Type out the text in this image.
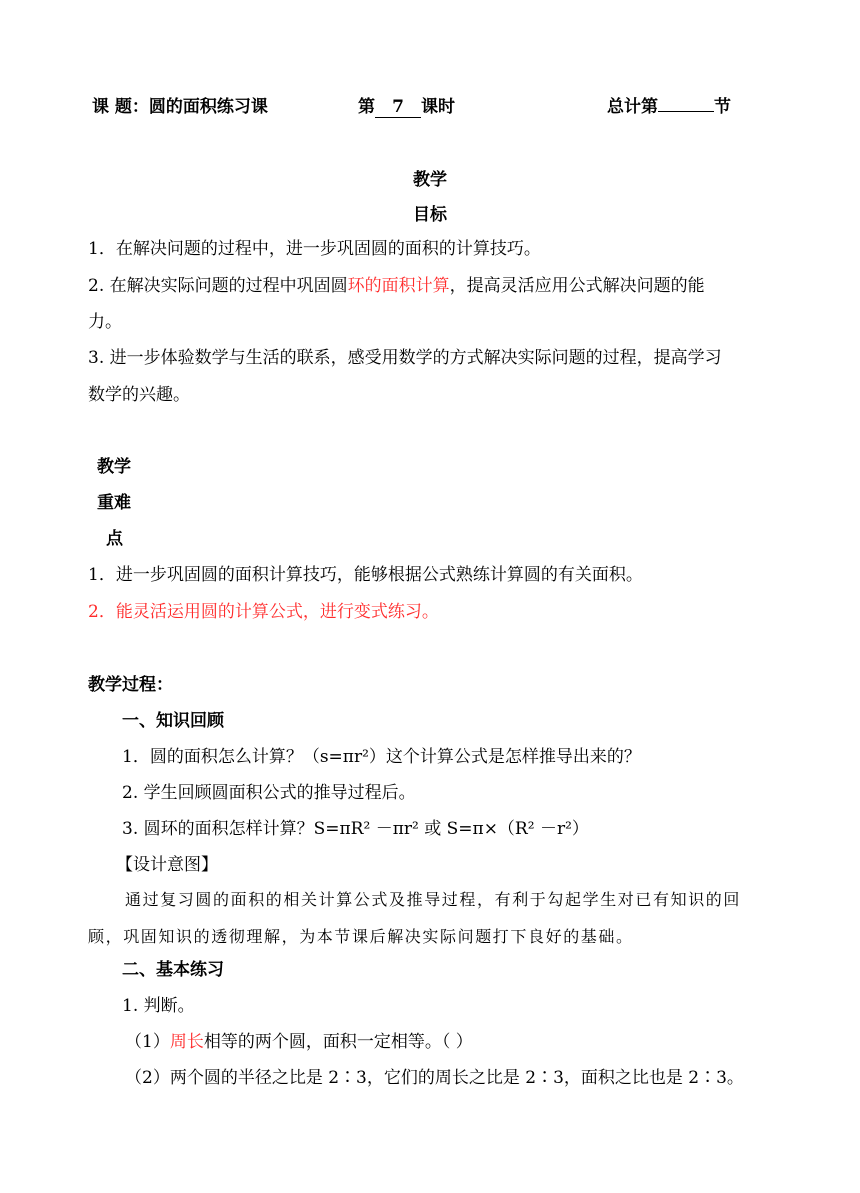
课 题：圆的面积练习课	第 7 课时	总计第	节
教学
目标
1．在解决问题的过程中，进一步巩固圆的面积的计算技巧。
2. 在解决实际问题的过程中巩固圆环的面积计算，提高灵活应用公式解决问题的能
力。
3. 进一步体验数学与生活的联系，感受用数学的方式解决实际问题的过程，提高学习
数学的兴趣。
教学
重难
点
1．进一步巩固圆的面积计算技巧，能够根据公式熟练计算圆的有关面积。
2．能灵活运用圆的计算公式，进行变式练习。
教学过程：
一、知识回顾
1．圆的面积怎么计算？（s=πr²）这个计算公式是怎样推导出来的？
2. 学生回顾圆面积公式的推导过程后。
3. 圆环的面积怎样计算？S=πR² －πr² 或 S=π×（R² －r²）
【设计意图】
通过复习圆的面积的相关计算公式及推导过程，有利于勾起学生对已有知识的回
顾，巩固知识的透彻理解，为本节课后解决实际问题打下良好的基础。
二、基本练习
1. 判断。
（1）周长相等的两个圆，面积一定相等。（ ）
（2）两个圆的半径之比是 2∶3，它们的周长之比是 2∶3，面积之比也是 2∶3。
